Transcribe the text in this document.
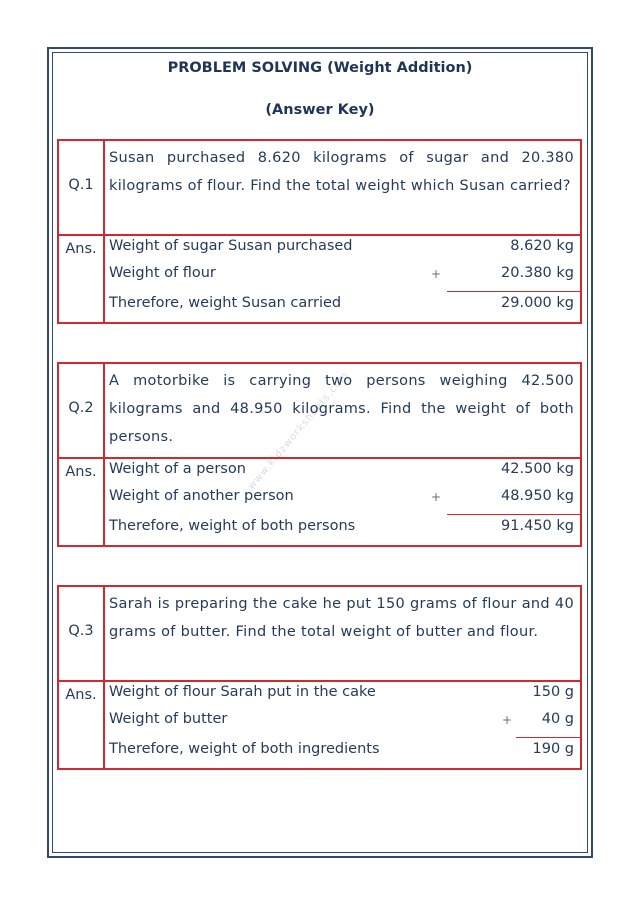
PROBLEM SOLVING (Weight Addition)
(Answer Key)
www.kidzworksheets.com
Q.1
Susan purchased 8.620 kilograms of sugar and 20.380 kilograms of flour. Find the total weight which Susan carried?
Ans. Weight of sugar Susan purchased	8.620 kg
Weight of flour	+	20.380 kg
Therefore, weight Susan carried	29.000 kg
Q.2
A motorbike is carrying two persons weighing 42.500 kilograms and 48.950 kilograms. Find the weight of both persons.
Ans. Weight of a person	42.500 kg
Weight of another person	+	48.950 kg
Therefore, weight of both persons	91.450 kg
Q.3
Sarah is preparing the cake he put 150 grams of flour and 40 grams of butter. Find the total weight of butter and flour.
Ans. Weight of flour Sarah put in the cake	150 g
Weight of butter	+ 40 g
Therefore, weight of both ingredients	190 g
